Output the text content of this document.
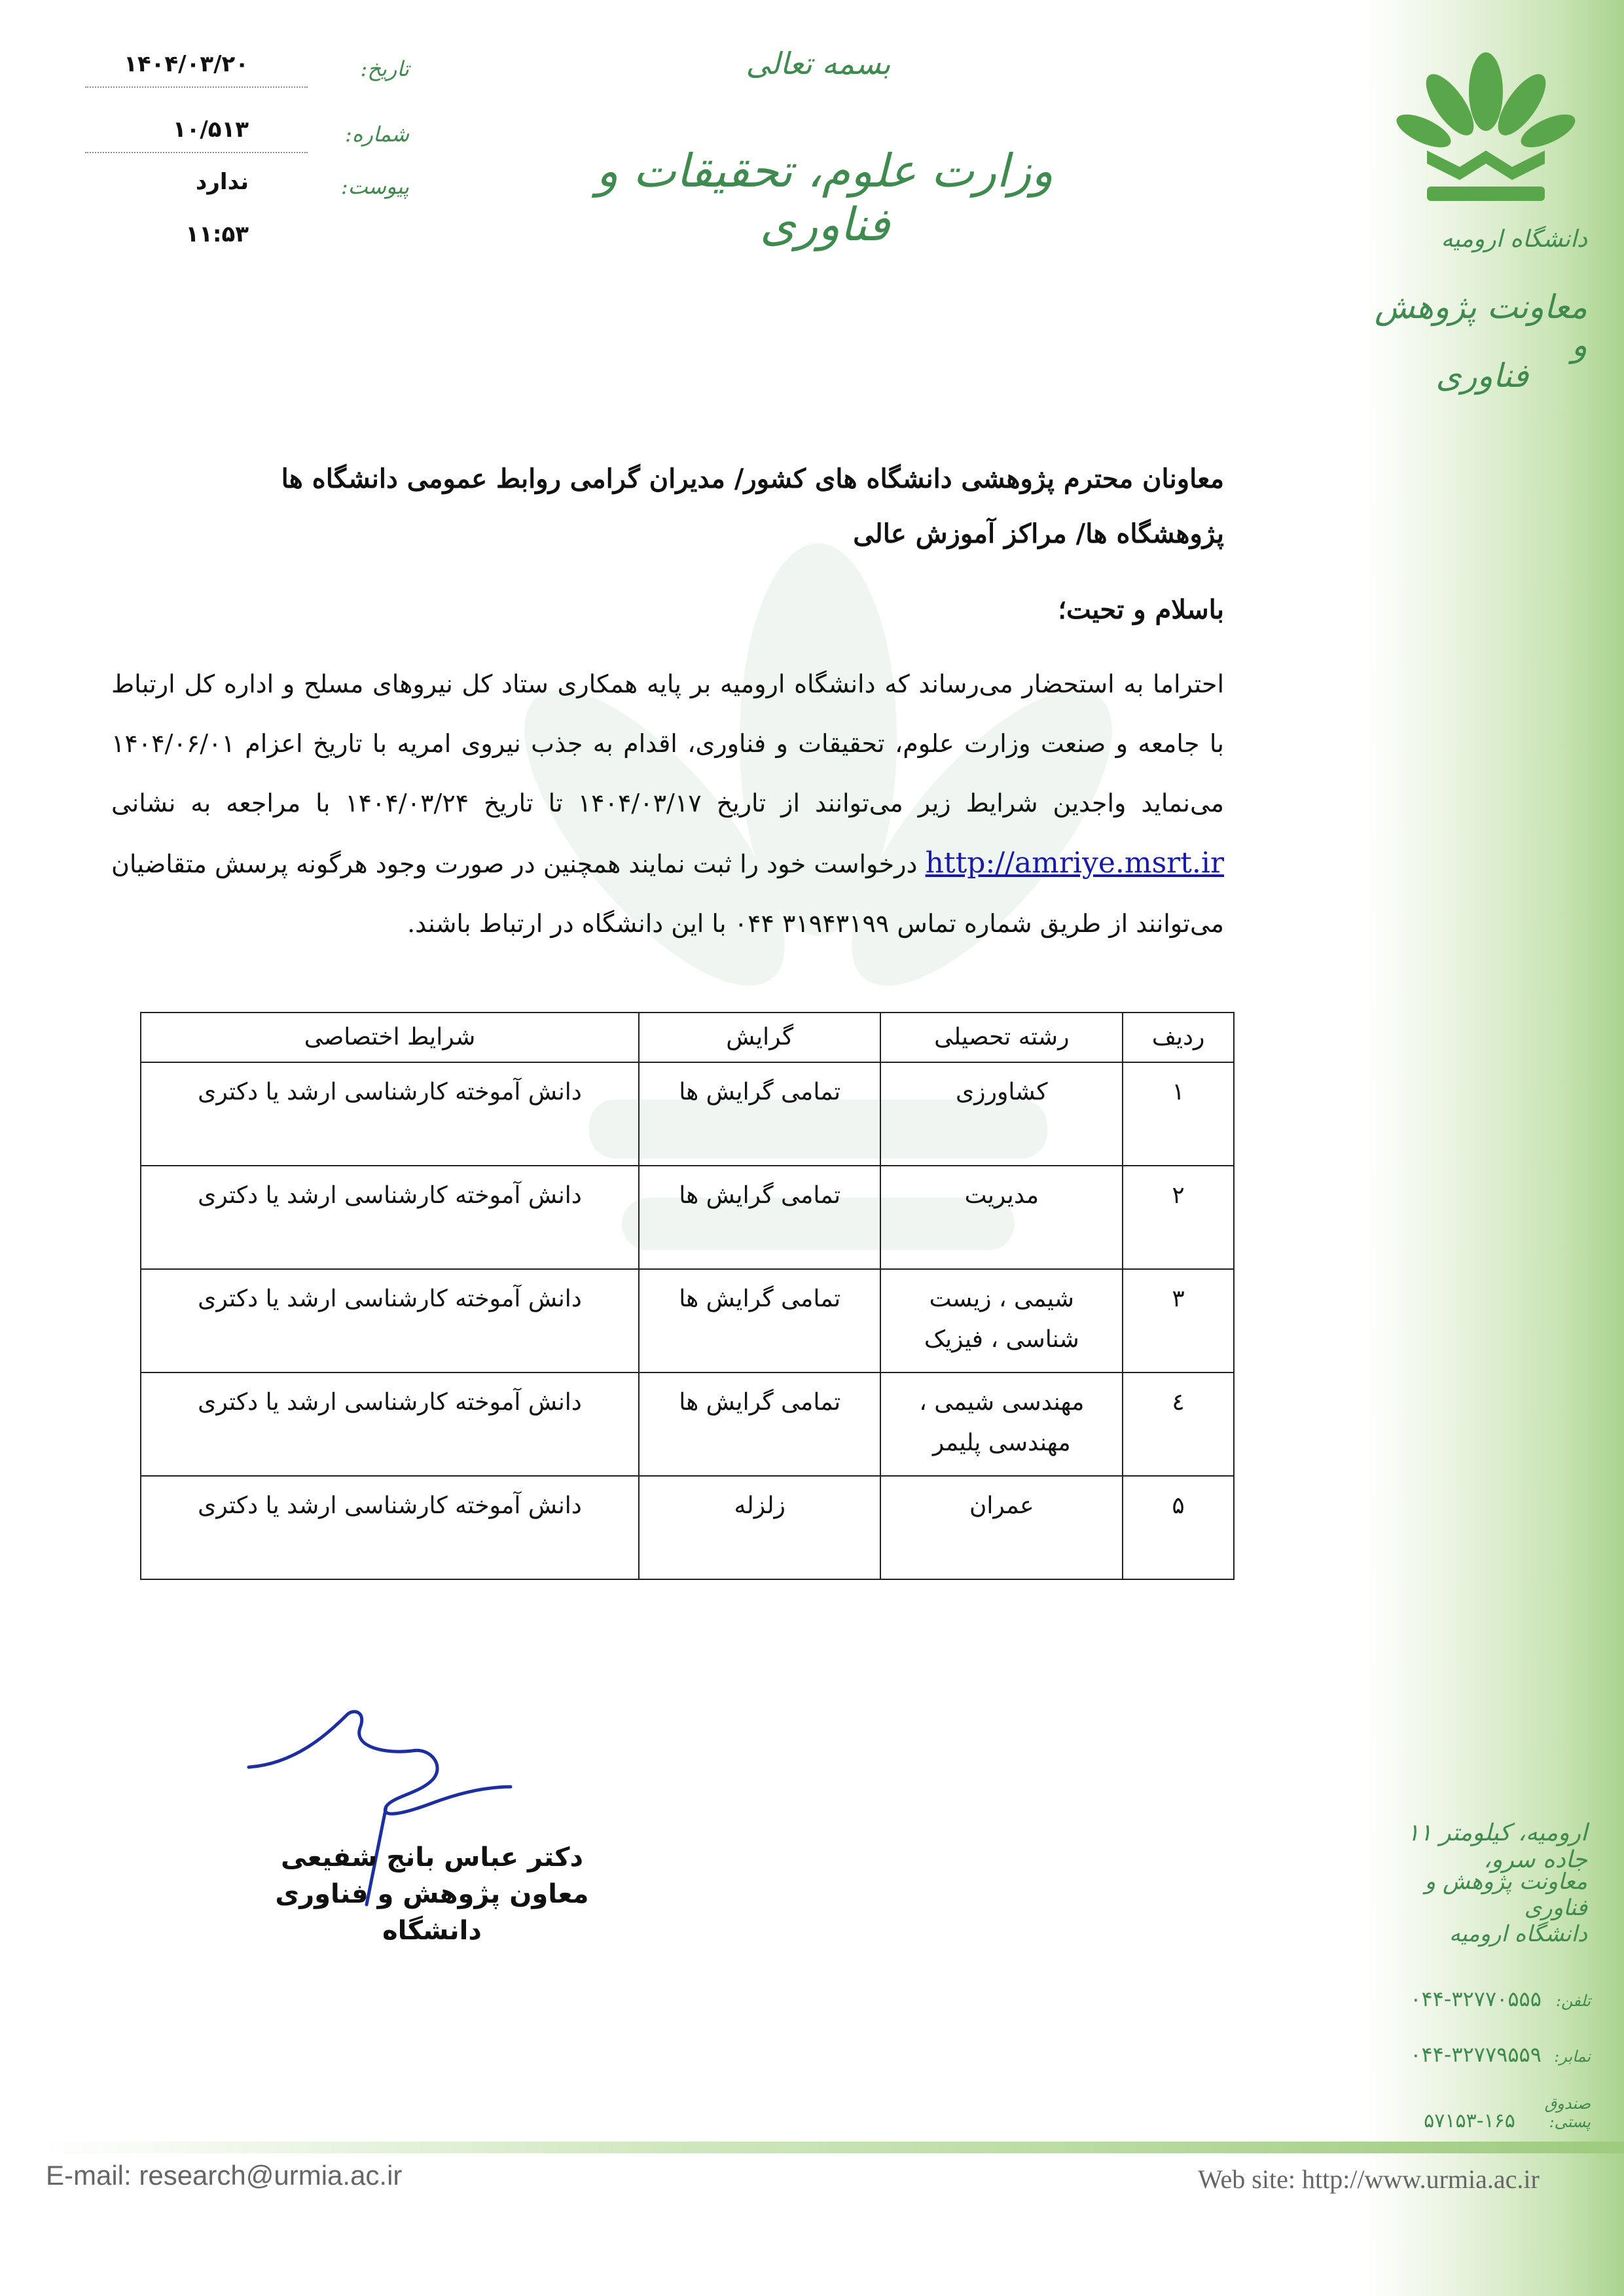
۱۴۰۴/۰۳/۲۰	تاریخ:
۱۰/۵۱۳	شماره:
ندارد	پیوست:
۱۱:۵۳
بسمه تعالی
وزارت علوم، تحقیقات و فناوری	دانشگاه ارومیه
معاونت پژوهش و
فناوری
ارومیه، کیلومتر ۱۱ جاده سرو،
معاونت پژوهش و فناوری
دانشگاه ارومیه
تلفن: ۰۴۴-۳۲۷۷۰۵۵۵
نمابر: ۰۴۴-۳۲۷۷۹۵۵۹
صندوق پستی: ۵۷۱۵۳-۱۶۵
معاونان محترم پژوهشی دانشگاه های کشور/ مدیران گرامی روابط عمومی دانشگاه ها
پژوهشگاه ها/ مراکز آموزش عالی
باسلام و تحیت؛
احتراما به استحضار می‌رساند که دانشگاه ارومیه بر پایه همکاری ستاد کل نیروهای مسلح و اداره کل ارتباط با جامعه و صنعت وزارت علوم، تحقیقات و فناوری، اقدام به جذب نیروی امریه با تاریخ اعزام ۱۴۰۴/۰۶/۰۱ می‌نماید واجدین شرایط زیر می‌توانند از تاریخ ۱۴۰۴/۰۳/۱۷ تا تاریخ ۱۴۰۴/۰۳/۲۴ با مراجعه به نشانی http://amriye.msrt.ir درخواست خود را ثبت نمایند همچنین در صورت وجود هرگونه پرسش متقاضیان می‌توانند از طریق شماره تماس ۳۱۹۴۳۱۹۹ ۰۴۴ با این دانشگاه در ارتباط باشند.
ردیف	رشته تحصیلی	گرایش	شرایط اختصاصی
۱	کشاورزی	تمامی گرایش ها	دانش آموخته کارشناسی ارشد یا دکتری
۲	مدیریت	تمامی گرایش ها	دانش آموخته کارشناسی ارشد یا دکتری
۳	شیمی ، زیست شناسی ، فیزیک	تمامی گرایش ها	دانش آموخته کارشناسی ارشد یا دکتری
٤	مهندسی شیمی ، مهندسی پلیمر	تمامی گرایش ها	دانش آموخته کارشناسی ارشد یا دکتری
۵	عمران	زلزله	دانش آموخته کارشناسی ارشد یا دکتری
دکتر عباس بانج شفیعی
معاون پژوهش و فناوری دانشگاه
E-mail: research@urmia.ac.ir	Web site: http://www.urmia.ac.ir
